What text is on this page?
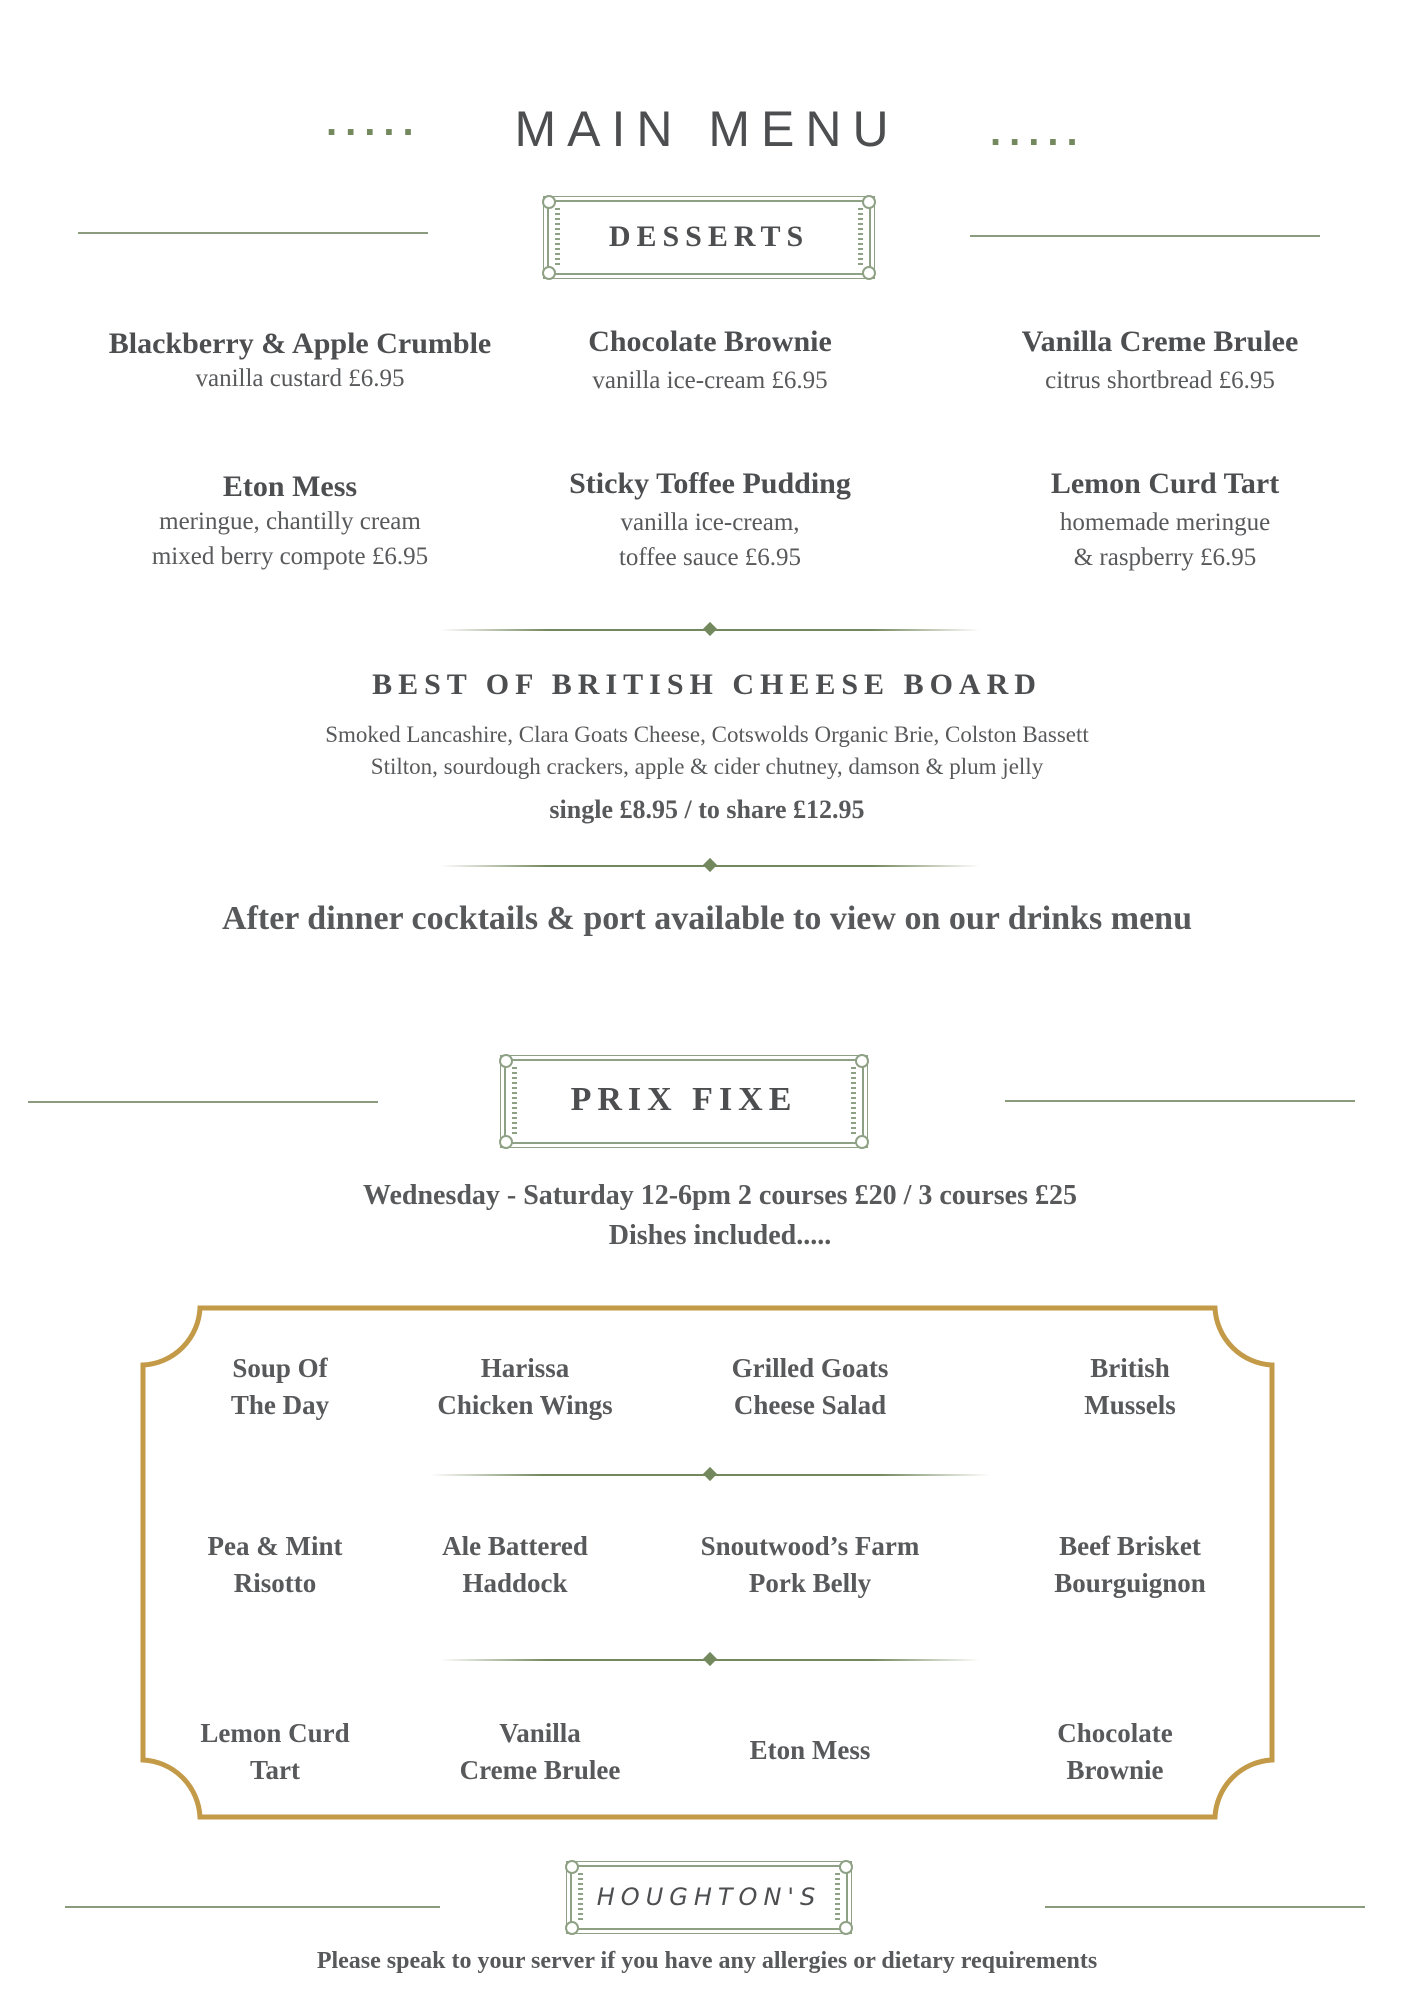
.....	MAIN MENU	.....
DESSERTS
Blackberry & Apple Crumble
vanilla custard £6.95
Chocolate Brownie
vanilla ice-cream £6.95
Vanilla Creme Brulee
citrus shortbread £6.95
Eton Mess
meringue, chantilly cream
mixed berry compote £6.95
Sticky Toffee Pudding
vanilla ice-cream,
toffee sauce £6.95
Lemon Curd Tart
homemade meringue
& raspberry £6.95
BEST OF BRITISH CHEESE BOARD
Smoked Lancashire, Clara Goats Cheese, Cotswolds Organic Brie, Colston Bassett
Stilton, sourdough crackers, apple & cider chutney, damson & plum jelly
single £8.95 / to share £12.95
After dinner cocktails & port available to view on our drinks menu
PRIX FIXE
Wednesday - Saturday 12-6pm 2 courses £20 / 3 courses £25
Dishes included.....
Soup Of
The Day
Harissa
Chicken Wings
Grilled Goats
Cheese Salad
British
Mussels
Pea & Mint
Risotto
Ale Battered
Haddock
Snoutwood’s Farm
Pork Belly
Beef Brisket
Bourguignon
Lemon Curd
Tart
Vanilla
Creme Brulee
Eton Mess
Chocolate
Brownie
HOUGHTON'S
Please speak to your server if you have any allergies or dietary requirements
